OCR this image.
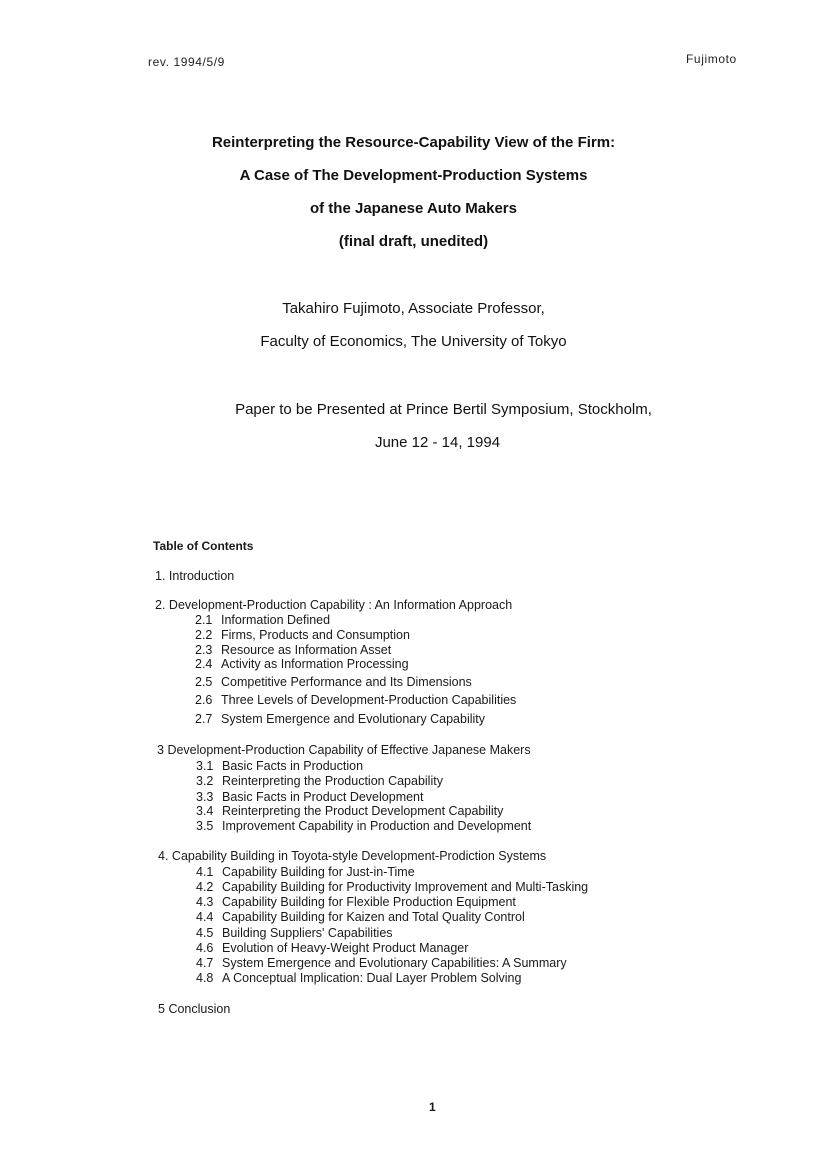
rev. 1994/5/9	Fujimoto
Reinterpreting the Resource-Capability View of the Firm:
A Case of The Development-Production Systems
of the Japanese Auto Makers
(final draft, unedited)
Takahiro Fujimoto, Associate Professor,
Faculty of Economics, The University of Tokyo
Paper to be Presented at Prince Bertil Symposium, Stockholm,
June 12 - 14, 1994
Table of Contents
1. Introduction
2. Development-Production Capability : An Information Approach
2.1 Information Defined
2.2 Firms, Products and Consumption
2.3 Resource as Information Asset
2.4 Activity as Information Processing
2.5 Competitive Performance and Its Dimensions
2.6 Three Levels of Development-Production Capabilities
2.7 System Emergence and Evolutionary Capability
3 Development-Production Capability of Effective Japanese Makers
3.1 Basic Facts in Production
3.2 Reinterpreting the Production Capability
3.3 Basic Facts in Product Development
3.4 Reinterpreting the Product Development Capability
3.5 Improvement Capability in Production and Development
4. Capability Building in Toyota-style Development-Prodiction Systems
4.1 Capability Building for Just-in-Time
4.2 Capability Building for Productivity Improvement and Multi-Tasking
4.3 Capability Building for Flexible Production Equipment
4.4 Capability Building for Kaizen and Total Quality Control
4.5 Building Suppliers' Capabilities
4.6 Evolution of Heavy-Weight Product Manager
4.7 System Emergence and Evolutionary Capabilities: A Summary
4.8 A Conceptual Implication: Dual Layer Problem Solving
5 Conclusion
1
